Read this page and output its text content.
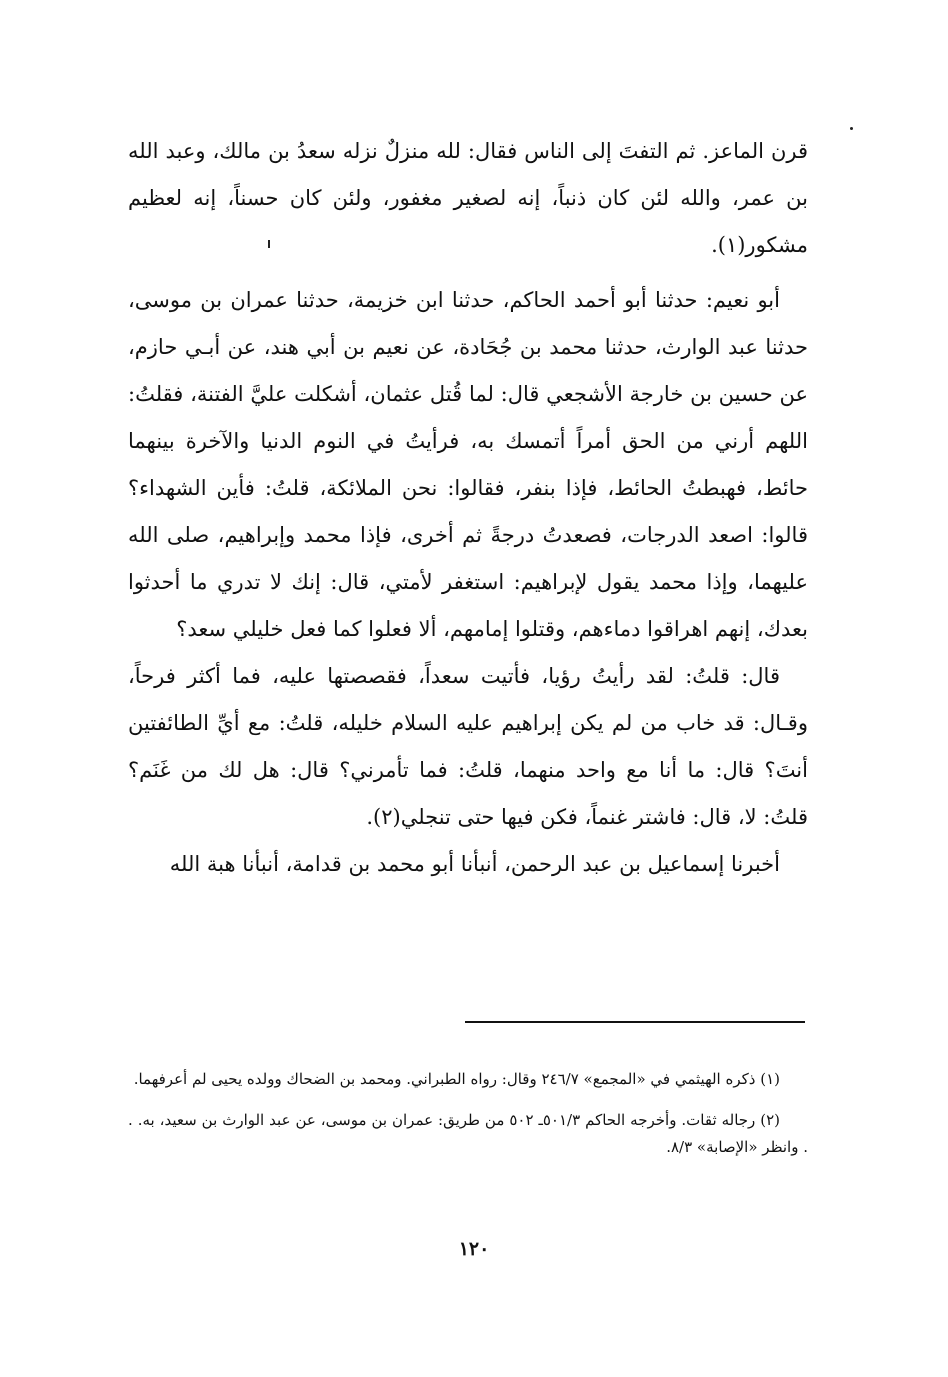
قرن الماعز. ثم التفتَ إلى الناس فقال: لله منزلٌ نزله سعدُ بن مالك، وعبد الله بن عمر، والله لئن كان ذنباً، إنه لصغير مغفور، ولئن كان حسناً، إنه لعظيم مشكور(١).

أبو نعيم: حدثنا أبو أحمد الحاكم، حدثنا ابن خزيمة، حدثنا عمران بن موسى، حدثنا عبد الوارث، حدثنا محمد بن جُحَادة، عن نعيم بن أبي هند، عن أبـي حازم، عن حسين بن خارجة الأشجعي قال: لما قُتل عثمان، أشكلت عليَّ الفتنة، فقلتُ: اللهم أرني من الحق أمراً أتمسك به، فرأيتُ في النوم الدنيا والآخرة بينهما حائط، فهبطتُ الحائط، فإذا بنفر، فقالوا: نحن الملائكة، قلتُ: فأين الشهداء؟ قالوا: اصعد الدرجات، فصعدتُ درجةً ثم أخرى، فإذا محمد وإبراهيم، صلى الله عليهما، وإذا محمد يقول لإبراهيم: استغفر لأمتي، قال: إنك لا تدري ما أحدثوا بعدك، إنهم اهراقوا دماءهم، وقتلوا إمامهم، ألا فعلوا كما فعل خليلي سعد؟

قال: قلتُ: لقد رأيتُ رؤيا، فأتيت سعداً، فقصصتها عليه، فما أكثر فرحاً، وقـال: قد خاب من لم يكن إبراهيم عليه السلام خليله، قلتُ: مع أيِّ الطائفتين أنتَ؟ قال: ما أنا مع واحد منهما، قلتُ: فما تأمرني؟ قال: هل لك من غَنَم؟ قلتُ: لا، قال: فاشتر غنماً، فكن فيها حتى تنجلي(٢).

أخبرنا إسماعيل بن عبد الرحمن، أنبأنا أبو محمد بن قدامة، أنبأنا هبة الله

(١) ذكره الهيثمي في «المجمع» ٢٤٦/٧ وقال: رواه الطبراني. ومحمد بن الضحاك وولده يحيى لم أعرفهما.

(٢) رجاله ثقات. وأخرجه الحاكم ٥٠١/٣ـ ٥٠٢ من طريق: عمران بن موسى، عن عبد الوارث بن سعيد، به. . . وانظر «الإصابة» ٨/٣.

١٢٠
